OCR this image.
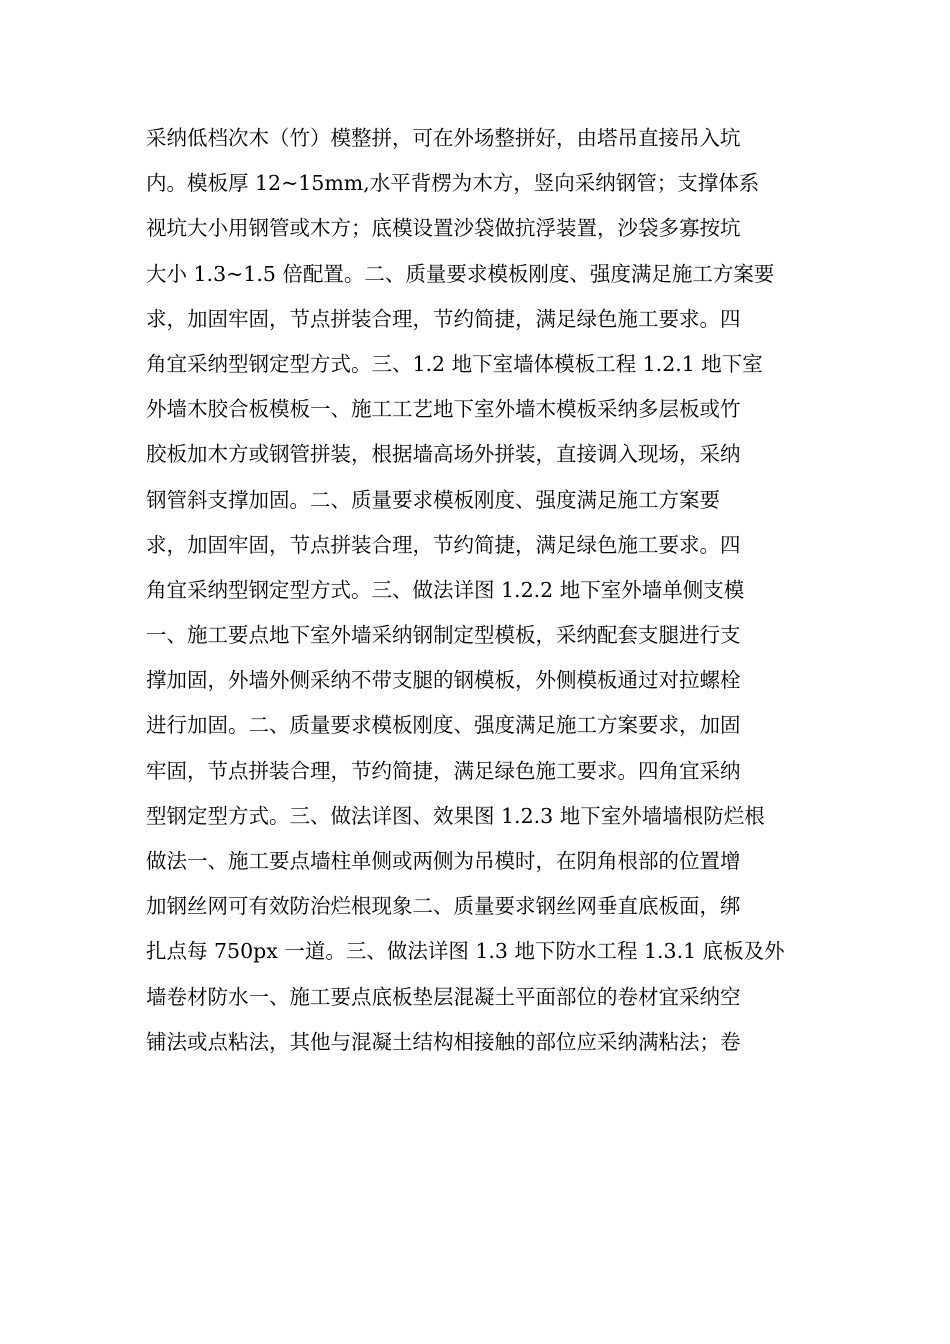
采纳低档次木（竹）模整拼，可在外场整拼好，由塔吊直接吊入坑
内。模板厚 12~15mm,水平背楞为木方，竖向采纳钢管；支撑体系
视坑大小用钢管或木方；底模设置沙袋做抗浮装置，沙袋多寡按坑
大小 1.3~1.5 倍配置。二、质量要求模板刚度、强度满足施工方案要
求，加固牢固，节点拼装合理，节约简捷，满足绿色施工要求。四
角宜采纳型钢定型方式。三、1.2 地下室墙体模板工程 1.2.1 地下室
外墙木胶合板模板一、施工工艺地下室外墙木模板采纳多层板或竹
胶板加木方或钢管拼装，根据墙高场外拼装，直接调入现场，采纳
钢管斜支撑加固。二、质量要求模板刚度、强度满足施工方案要
求，加固牢固，节点拼装合理，节约简捷，满足绿色施工要求。四
角宜采纳型钢定型方式。三、做法详图 1.2.2 地下室外墙单侧支模
一、施工要点地下室外墙采纳钢制定型模板，采纳配套支腿进行支
撑加固，外墙外侧采纳不带支腿的钢模板，外侧模板通过对拉螺栓
进行加固。二、质量要求模板刚度、强度满足施工方案要求，加固
牢固，节点拼装合理，节约简捷，满足绿色施工要求。四角宜采纳
型钢定型方式。三、做法详图、效果图 1.2.3 地下室外墙墙根防烂根
做法一、施工要点墙柱单侧或两侧为吊模时，在阴角根部的位置增
加钢丝网可有效防治烂根现象二、质量要求钢丝网垂直底板面，绑
扎点每 750px 一道。三、做法详图 1.3 地下防水工程 1.3.1 底板及外
墙卷材防水一、施工要点底板垫层混凝土平面部位的卷材宜采纳空
铺法或点粘法，其他与混凝土结构相接触的部位应采纳满粘法；卷
